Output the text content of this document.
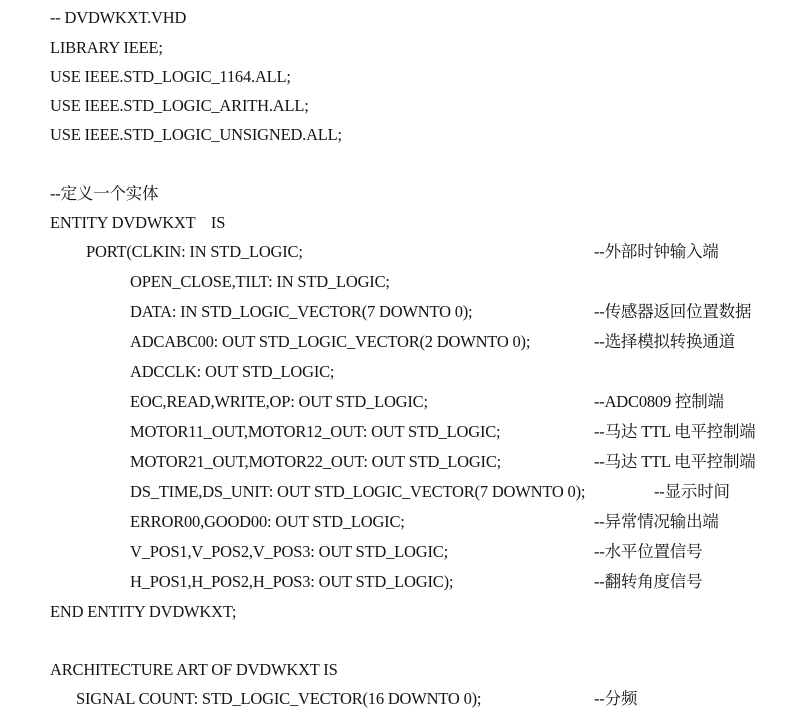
-- DVDWKXT.VHD
LIBRARY IEEE;
USE IEEE.STD_LOGIC_1164.ALL;
USE IEEE.STD_LOGIC_ARITH.ALL;
USE IEEE.STD_LOGIC_UNSIGNED.ALL;
--定义一个实体
ENTITY DVDWKXT    IS
PORT(CLKIN: IN STD_LOGIC;	--外部时钟输入端
OPEN_CLOSE,TILT: IN STD_LOGIC;
DATA: IN STD_LOGIC_VECTOR(7 DOWNTO 0);	--传感器返回位置数据
ADCABC00: OUT STD_LOGIC_VECTOR(2 DOWNTO 0);	--选择模拟转换通道
ADCCLK: OUT STD_LOGIC;
EOC,READ,WRITE,OP: OUT STD_LOGIC;	--ADC0809 控制端
MOTOR11_OUT,MOTOR12_OUT: OUT STD_LOGIC;	--马达 TTL 电平控制端
MOTOR21_OUT,MOTOR22_OUT: OUT STD_LOGIC;	--马达 TTL 电平控制端
DS_TIME,DS_UNIT: OUT STD_LOGIC_VECTOR(7 DOWNTO 0);	--显示时间
ERROR00,GOOD00: OUT STD_LOGIC;	--异常情况输出端
V_POS1,V_POS2,V_POS3: OUT STD_LOGIC;	--水平位置信号
H_POS1,H_POS2,H_POS3: OUT STD_LOGIC);	--翻转角度信号
END ENTITY DVDWKXT;
ARCHITECTURE ART OF DVDWKXT IS
SIGNAL COUNT: STD_LOGIC_VECTOR(16 DOWNTO 0);	--分频
